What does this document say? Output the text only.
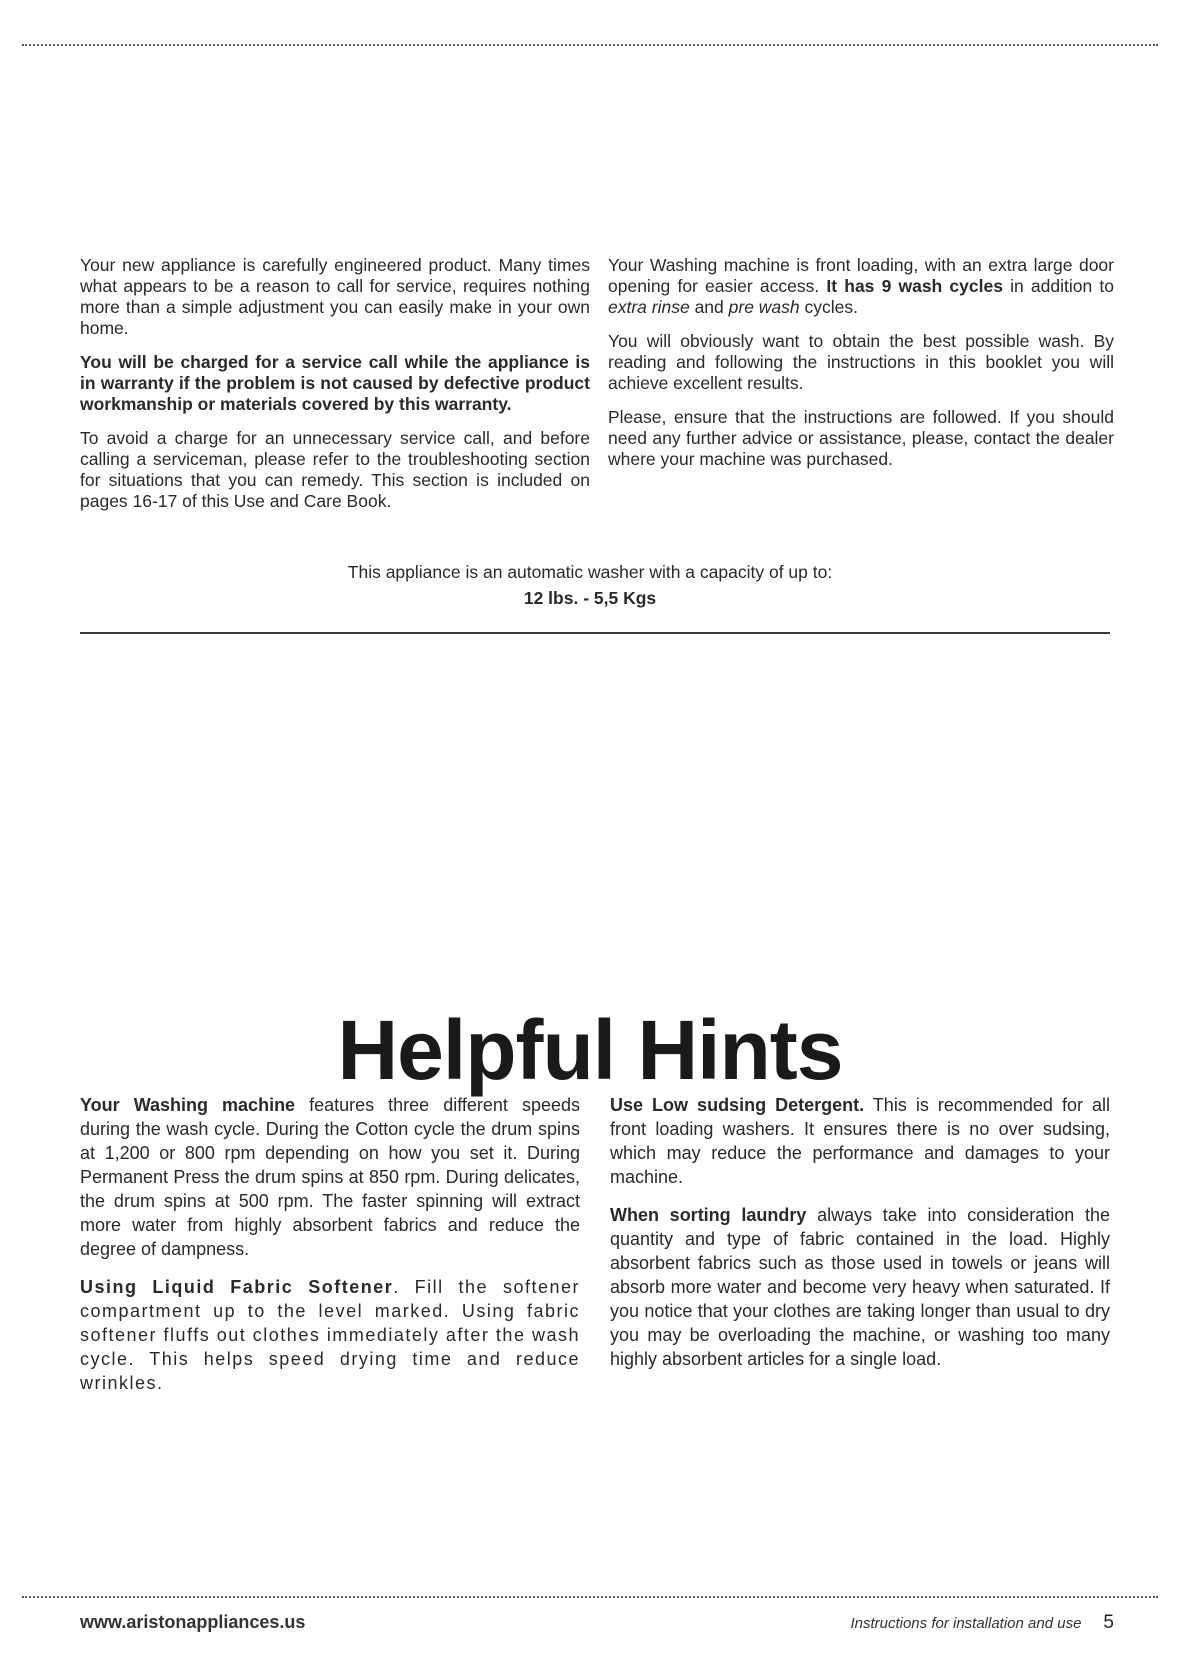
Your new appliance is carefully engineered product. Many times what appears to be a reason to call for service, requires nothing more than a simple adjustment you can easily make in your own home.

You will be charged for a service call while the appliance is in warranty if the problem is not caused by defective product workmanship or materials covered by this warranty.

To avoid a charge for an unnecessary service call, and before calling a serviceman, please refer to the troubleshooting section for situations that you can remedy. This section is included on pages 16-17 of this Use and Care Book.

Your Washing machine is front loading, with an extra large door opening for easier access. It has 9 wash cycles in addition to extra rinse and pre wash cycles.

You will obviously want to obtain the best possible wash. By reading and following the instructions in this booklet you will achieve excellent results.

Please, ensure that the instructions are followed. If you should need any further advice or assistance, please, contact the dealer where your machine was purchased.

This appliance is an automatic washer with a capacity of up to:
12 lbs. - 5,5 Kgs
Helpful Hints

Your Washing machine features three different speeds during the wash cycle. During the Cotton cycle the drum spins at 1,200 or 800 rpm depending on how you set it. During Permanent Press the drum spins at 850 rpm. During delicates, the drum spins at 500 rpm. The faster spinning will extract more water from highly absorbent fabrics and reduce the degree of dampness.

Using Liquid Fabric Softener. Fill the softener compartment up to the level marked. Using fabric softener fluffs out clothes immediately after the wash cycle. This helps speed drying time and reduce wrinkles.

Use Low sudsing Detergent. This is recommended for all front loading washers. It ensures there is no over sudsing, which may reduce the performance and damages to your machine.

When sorting laundry always take into consideration the quantity and type of fabric contained in the load. Highly absorbent fabrics such as those used in towels or jeans will absorb more water and become very heavy when saturated. If you notice that your clothes are taking longer than usual to dry you may be overloading the machine, or washing too many highly absorbent articles for a single load.

www.aristonappliances.us	Instructions for installation and use 5
